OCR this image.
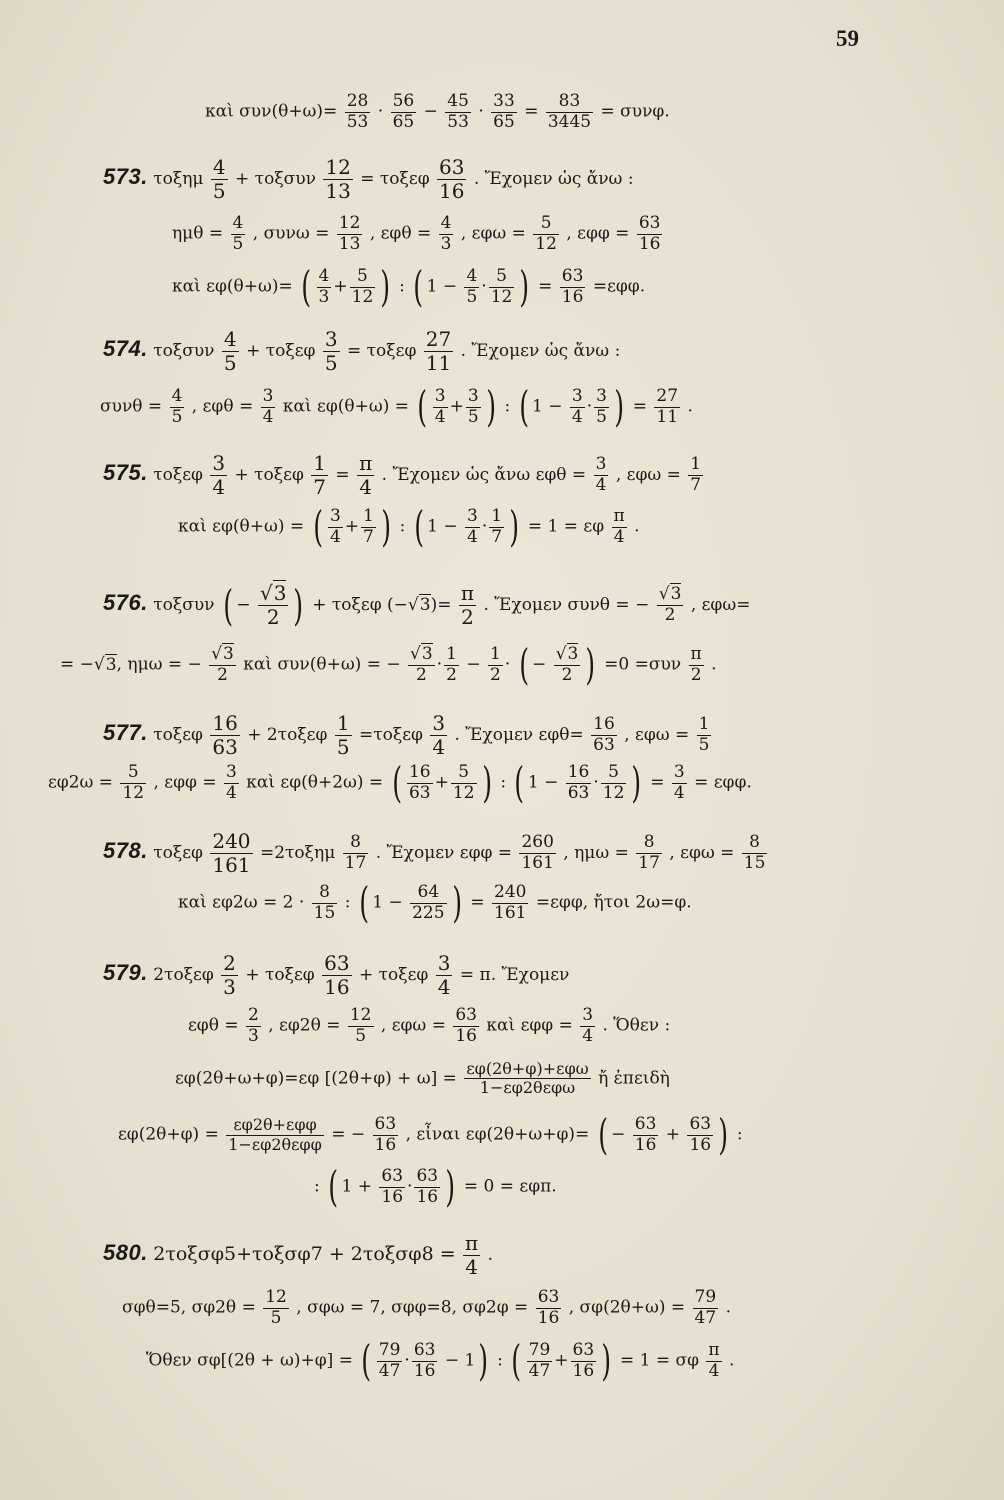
59
καὶ $\sigma\upsilon\nu(\theta+\omega)= \frac{28}{53} \cdot \frac{56}{65} - \frac{45}{53} \cdot \frac{33}{65} = \frac{83}{3445} = \sigma\upsilon\nu\varphi$.
573. τοξημ $\frac{4}{5} + \tau o\xi\sigma\upsilon\nu \frac{12}{13} = \tau o\xi\varepsilon\varphi \frac{63}{16}$ . Ἔχομεν ὡς ἄνω :
$\eta\mu\theta = \frac{4}{5}$ , $\sigma\upsilon\nu\omega = \frac{12}{13}$ , $\varepsilon\varphi\theta = \frac{4}{3}$ , $\varepsilon\varphi\omega = \frac{5}{12}$ , $\varepsilon\varphi\varphi = \frac{63}{16}$
καὶ εφ(θ+ω)= ( $\frac{4}{3} + \frac{5}{12}$ ) : ( $1 - \frac{4}{5} \cdot \frac{5}{12}$ ) = $\frac{63}{16} =\varepsilon\varphi\varphi$.
574. τοξσυν $\frac{4}{5} + \tau o\xi\varepsilon\varphi \frac{3}{5} = \tau o\xi\varepsilon\varphi \frac{27}{11}$ . Ἔχομεν ὡς ἄνω :
$\sigma\upsilon\nu\theta = \frac{4}{5}$ , $\varepsilon\varphi\theta = \frac{3}{4}$ καὶ εφ(θ+ω) = ( $\frac{3}{4} + \frac{3}{5}$ ) : ( $1 - \frac{3}{4} \cdot \frac{3}{5}$ ) = $\frac{27}{11}$ .
575. τοξεφ $\frac{3}{4} + \tau o\xi\varepsilon\varphi \frac{1}{7} = \frac{\pi}{4}$ . Ἔχομεν ὡς ἄνω $\varepsilon\varphi\theta = \frac{3}{4}$ , $\varepsilon\varphi\omega = \frac{1}{7}$
καὶ εφ(θ+ω) = ( $\frac{3}{4} + \frac{1}{7}$ ) : ( $1 - \frac{3}{4} \cdot \frac{1}{7}$ ) = 1 = εφ $\frac{\pi}{4}$ .
576. τοξσυν ( − $\frac{√3}{2}$ ) + τοξεφ $(-√3)= \frac{\pi}{2}$ . Ἔχομεν συνθ = − $\frac{√3}{2}$ , εφω=
= −√3, ημω = − $\frac{√3}{2}$ καὶ συν(θ+ω) = − $\frac{√3}{2} \cdot \frac{1}{2} - \frac{1}{2}$ · ( − $\frac{√3}{2}$ ) $=0 =\sigma\upsilon\nu \frac{\pi}{2}$ .
577. τοξεφ $\frac{16}{63} + 2\tau o\xi\varepsilon\varphi \frac{1}{5} =\tau o\xi\varepsilon\varphi \frac{3}{4}$ . Ἔχομεν $\varepsilon\varphi\theta= \frac{16}{63}$ , $\varepsilon\varphi\omega = \frac{1}{5}$
$\varepsilon\varphi 2\omega = \frac{5}{12}$ , $\varepsilon\varphi\varphi = \frac{3}{4}$ καὶ εφ(θ+2ω) = ( $\frac{16}{63} + \frac{5}{12}$ ) : ( $1 - \frac{16}{63} \cdot \frac{5}{12}$ ) = $\frac{3}{4} = \varepsilon\varphi\varphi$.
578. τοξεφ $\frac{240}{161} =2\tau o\xi\eta\mu \frac{8}{17}$ . Ἔχομεν $\varepsilon\varphi\varphi = \frac{260}{161}$ , $\eta\mu\omega = \frac{8}{17}$ , $\varepsilon\varphi\omega = \frac{8}{15}$
καὶ $\varepsilon\varphi 2\omega = 2 \cdot \frac{8}{15}$ : ( $1 - \frac{64}{225}$ ) = $\frac{240}{161} =\varepsilon\varphi\varphi$, ἤτοι 2ω=φ.
579. $2\tau o\xi\varepsilon\varphi \frac{2}{3} + \tau o\xi\varepsilon\varphi \frac{63}{16} + \tau o\xi\varepsilon\varphi \frac{3}{4} = \pi$. Ἔχομεν
$\varepsilon\varphi\theta = \frac{2}{3}$ , $\varepsilon\varphi 2\theta = \frac{12}{5}$ , $\varepsilon\varphi\omega = \frac{63}{16}$ καὶ $\varepsilon\varphi\varphi = \frac{3}{4}$ . Ὅθεν :
εφ(2θ+ω+φ)=εφ [(2θ+φ) + ω] = εφ(2θ+φ)+εφω
1−εφ2θεφω	ἤ ἐπειδὴ
εφ(2θ+φ) = εφ2θ+εφφ
1−εφ2θεφφ = − $\frac{63}{16}$ , εἶναι εφ(2θ+ω+φ)= ( − $\frac{63}{16} + \frac{63}{16}$ ) :
: ( $1 + \frac{63}{16} \cdot \frac{63}{16}$ ) = 0 = εφπ.
580. $2\tau o\xi\sigma\varphi 5+\tau o\xi\sigma\varphi 7 + 2\tau o\xi\sigma\varphi 8 = \frac{\pi}{4}$ .
σφθ=5, $\sigma\varphi 2\theta = \frac{12}{5}$ , σφω = 7, σφφ=8, $\sigma\varphi 2\varphi = \frac{63}{16}$ , $\sigma\varphi(2\theta+\omega) = \frac{79}{47}$ .
Ὅθεν σφ[(2θ + ω)+φ] = ( $\frac{79}{47} \cdot \frac{63}{16} - 1$) : ( $\frac{79}{47} + \frac{63}{16}$ ) = 1 = σφ $\frac{\pi}{4}$ .
